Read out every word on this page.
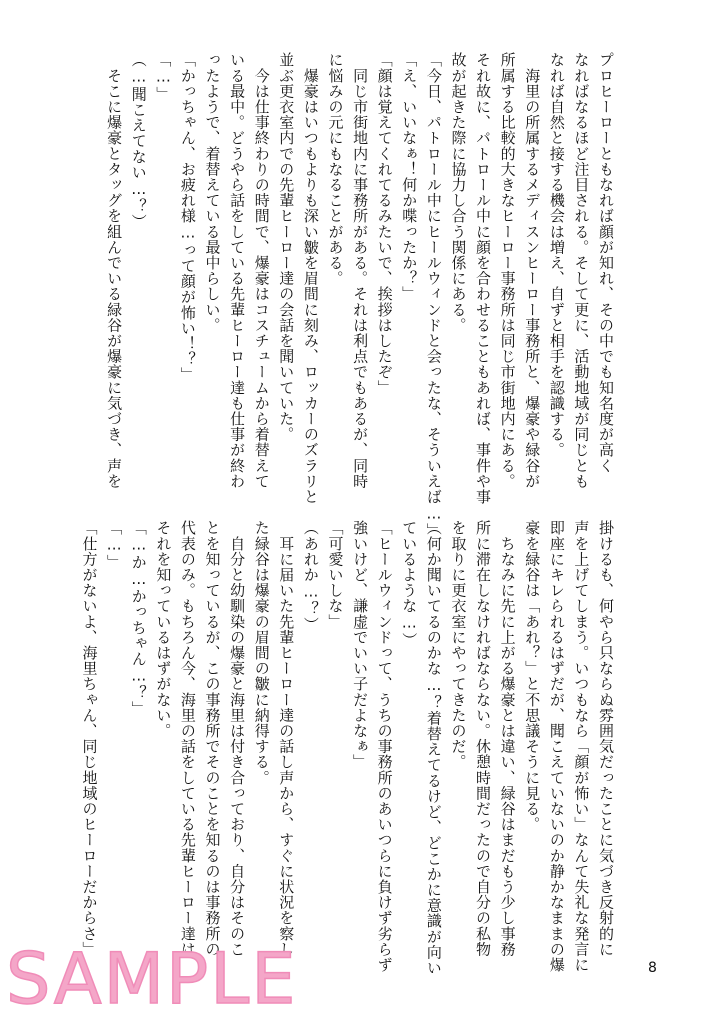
プロヒーローともなれば顔が知れ、その中でも知名度が高く
なればなるほど注目される。そして更に、活動地域が同じとも
なれば自然と接する機会は増え、自ずと相手を認識する。
　海里の所属するメディスンヒーロー事務所と、爆豪や緑谷が
所属する比較的大きなヒーロー事務所は同じ市街地内にある。
それ故に、パトロール中に顔を合わせることもあれば、事件や事
故が起きた際に協力し合う関係にある。
「今日、パトロール中にヒールウィンドと会ったな、そういえば…」
「え、いいなぁ！何か喋ったか？」
「顔は覚えてくれてるみたいで、挨拶はしたぞ」
　同じ市街地内に事務所がある。それは利点でもあるが、同時
に悩みの元にもなることがある。
　爆豪はいつもよりも深い皺を眉間に刻み、ロッカーのズラリと
並ぶ更衣室内での先輩ヒーロー達の会話を聞いていた。
　今は仕事終わりの時間で、爆豪はコスチュームから着替えて
いる最中。どうやら話をしている先輩ヒーロー達も仕事が終わ
ったようで、着替えている最中らしい。
「かっちゃん、お疲れ様…って顔が怖い！？」
「…」
（…聞こえてない…？）
　そこに爆豪とタッグを組んでいる緑谷が爆豪に気づき、声を
掛けるも、何やら只ならぬ雰囲気だったことに気づき反射的に
声を上げてしまう。いつもなら「顔が怖い」なんて失礼な発言に
即座にキレられるはずだが、聞こえていないのか静かなままの爆
豪を緑谷は「あれ？」と不思議そうに見る。
　ちなみに先に上がる爆豪とは違い、緑谷はまだもう少し事務
所に滞在しなければならない。休憩時間だったので自分の私物
を取りに更衣室にやってきたのだ。
（何か聞いてるのかな…？着替えてるけど、どこかに意識が向い
ているような…）
「ヒールウィンドって、うちの事務所のあいつらに負けず劣らず
強いけど、謙虚でいい子だよなぁ」
「可愛いしな」
（あれか…？）
　耳に届いた先輩ヒーロー達の話し声から、すぐに状況を察し
た緑谷は爆豪の眉間の皺に納得する。
　自分と幼馴染の爆豪と海里は付き合っており、自分はそのこ
とを知っているが、この事務所でそのことを知るのは事務所の
代表のみ。もちろん今、海里の話をしている先輩ヒーロー達は
それを知っているはずがない。
「…か…かっちゃん…？」
「…」
「仕方がないよ、海里ちゃん、同じ地域のヒーローだからさ」
SAMPLE	8
